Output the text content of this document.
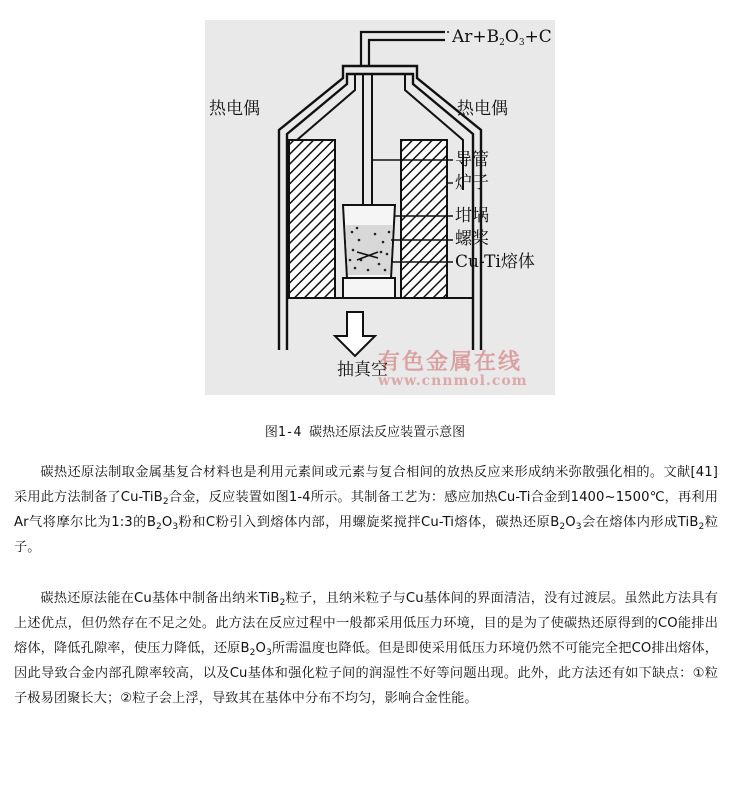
$Ar+B_2O_3+C$
热电偶	热电偶
导管
炉子
坩埚
螺桨
Cu-Ti熔体
抽真空
有色金属在线
www.cnnmol.com
图1-4 碳热还原法反应装置示意图

碳热还原法制取金属基复合材料也是利用元素间或元素与复合相间的放热反应来形成纳米弥散强化相的。文献[41]采用此方法制备了Cu-TiB$_2$合金，反应装置如图1-4所示。其制备工艺为：感应加热Cu-Ti合金到1400~1500℃，再利用Ar气将摩尔比为1:3的$B_2O_3$粉和C粉引入到熔体内部，用螺旋桨搅拌Cu-Ti熔体，碳热还原$B_2O_3$会在熔体内形成TiB$_2$粒子。

碳热还原法能在Cu基体中制备出纳米TiB$_2$粒子，且纳米粒子与Cu基体间的界面清洁，没有过渡层。虽然此方法具有上述优点，但仍然存在不足之处。此方法在反应过程中一般都采用低压力环境，目的是为了使碳热还原得到的CO能排出熔体，降低孔隙率，使压力降低，还原$B_2O_3$所需温度也降低。但是即使采用低压力环境仍然不可能完全把CO排出熔体，因此导致合金内部孔隙率较高，以及Cu基体和强化粒子间的润湿性不好等问题出现。此外，此方法还有如下缺点：①粒子极易团聚长大；②粒子会上浮，导致其在基体中分布不均匀，影响合金性能。
